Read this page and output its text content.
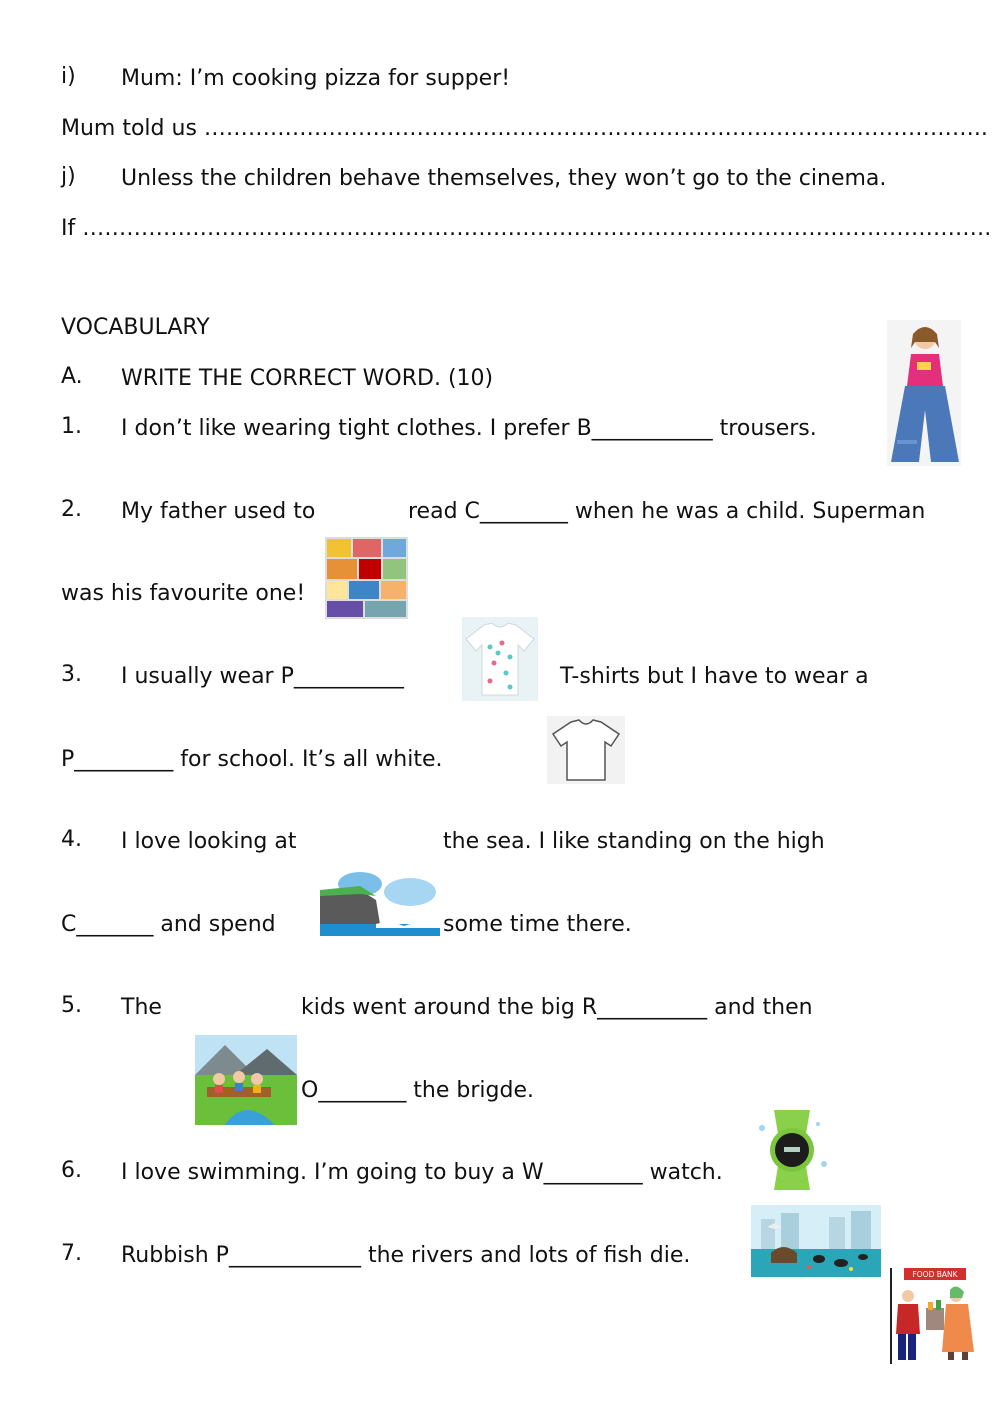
i) Mum: I’m cooking pizza for supper!
Mum told us ……………………………………………………………………………………………..
j) Unless the children behave themselves, they won’t go to the cinema.
If …………………………………………………………………………………………………………….
VOCABULARY
A. WRITE THE CORRECT WORD. (10)
1. I don’t like wearing tight clothes. I prefer B___________ trousers.
2. My father used to	read C________ when he was a child. Superman
was his favourite one!
3. I usually wear P__________	T-shirts but I have to wear a
P_________ for school. It’s all white.
4. I love looking at	the sea. I like standing on the high
C_______ and spend	some time there.
5. The	kids went around the big R__________ and then
O________ the brigde.
6. I love swimming. I’m going to buy a W_________ watch.
7. Rubbish P____________ the rivers and lots of fish die.
FOOD BANK
